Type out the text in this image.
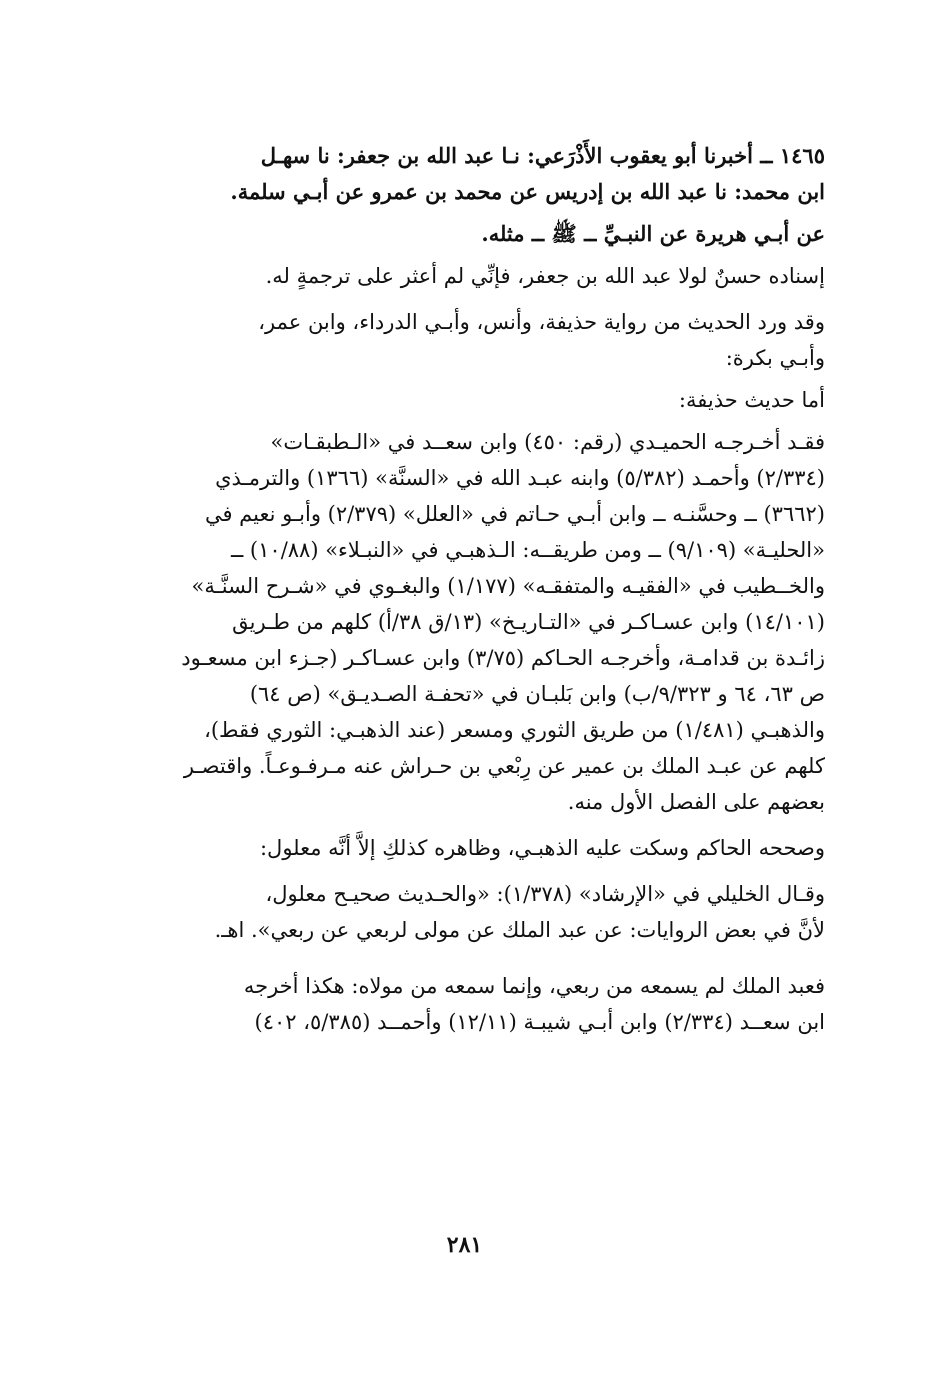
١٤٦٥ ــ أخبرنا أبو يعقوب الأَذْرَعي: نـا عبد الله بن جعفر: نا سهـل
ابن محمد: نا عبد الله بن إدريس عن محمد بن عمرو عن أبـي سلمة.

عن أبـي هريرة عن النبـيِّ ــ ﷺ ــ مثله.

إسناده حسنٌ لولا عبد الله بن جعفر، فإنِّي لم أعثر على ترجمةٍ له.

وقد ورد الحديث من رواية حذيفة، وأنس، وأبـي الدرداء، وابن عمر،
وأبـي بكرة:

أما حديث حذيفة:

فقـد أخـرجـه الحميـدي (رقم: ٤٥٠) وابن سعــد في «الـطبقـات»
(٢/٣٣٤) وأحمـد (٥/٣٨٢) وابنه عبـد الله في «السنَّة» (١٣٦٦) والترمـذي
(٣٦٦٢) ــ وحسَّنـه ــ وابن أبـي حـاتم في «العلل» (٢/٣٧٩) وأبـو نعيم في
«الحليـة» (٩/١٠٩) ــ ومن طريقــه: الـذهبـي في «النبـلاء» (١٠/٨٨) ــ
والخــطيب في «الفقيـه والمتفقـه» (١/١٧٧) والبغـوي في «شـرح السنَّـة»
(١٤/١٠١) وابن عسـاكـر في «التـاريـخ» (١٣/ق ٣٨/أ) كلهم من طـريق
زائـدة بن قدامـة، وأخرجـه الحـاكم (٣/٧٥) وابن عسـاكـر (جـزء ابن مسعـود
ص ٦٣، ٦٤ و ٩/٣٢٣/ب) وابن بَلبـان في «تحفـة الصـديـق» (ص ٦٤)
والذهبـي (١/٤٨١) من طريق الثوري ومسعر (عند الذهبـي: الثوري فقط)،
كلهم عن عبـد الملك بن عمير عن رِبْعي بن حـراش عنه مـرفـوعـاً. واقتصـر
بعضهم على الفصل الأول منه.

وصححه الحاكم وسكت عليه الذهبـي، وظاهره كذلكِ إلاَّ أنَّه معلول:

وقـال الخليلي في «الإرشاد» (١/٣٧٨): «والحـديث صحيـح معلول،
لأنَّ في بعض الروايات: عن عبد الملك عن مولى لربعي عن ربعي». اهـ.

فعبد الملك لم يسمعه من ربعي، وإنما سمعه من مولاه: هكذا أخرجه
ابن سعــد (٢/٣٣٤) وابن أبـي شيبـة (١٢/١١) وأحمــد (٥/٣٨٥، ٤٠٢)

٢٨١
